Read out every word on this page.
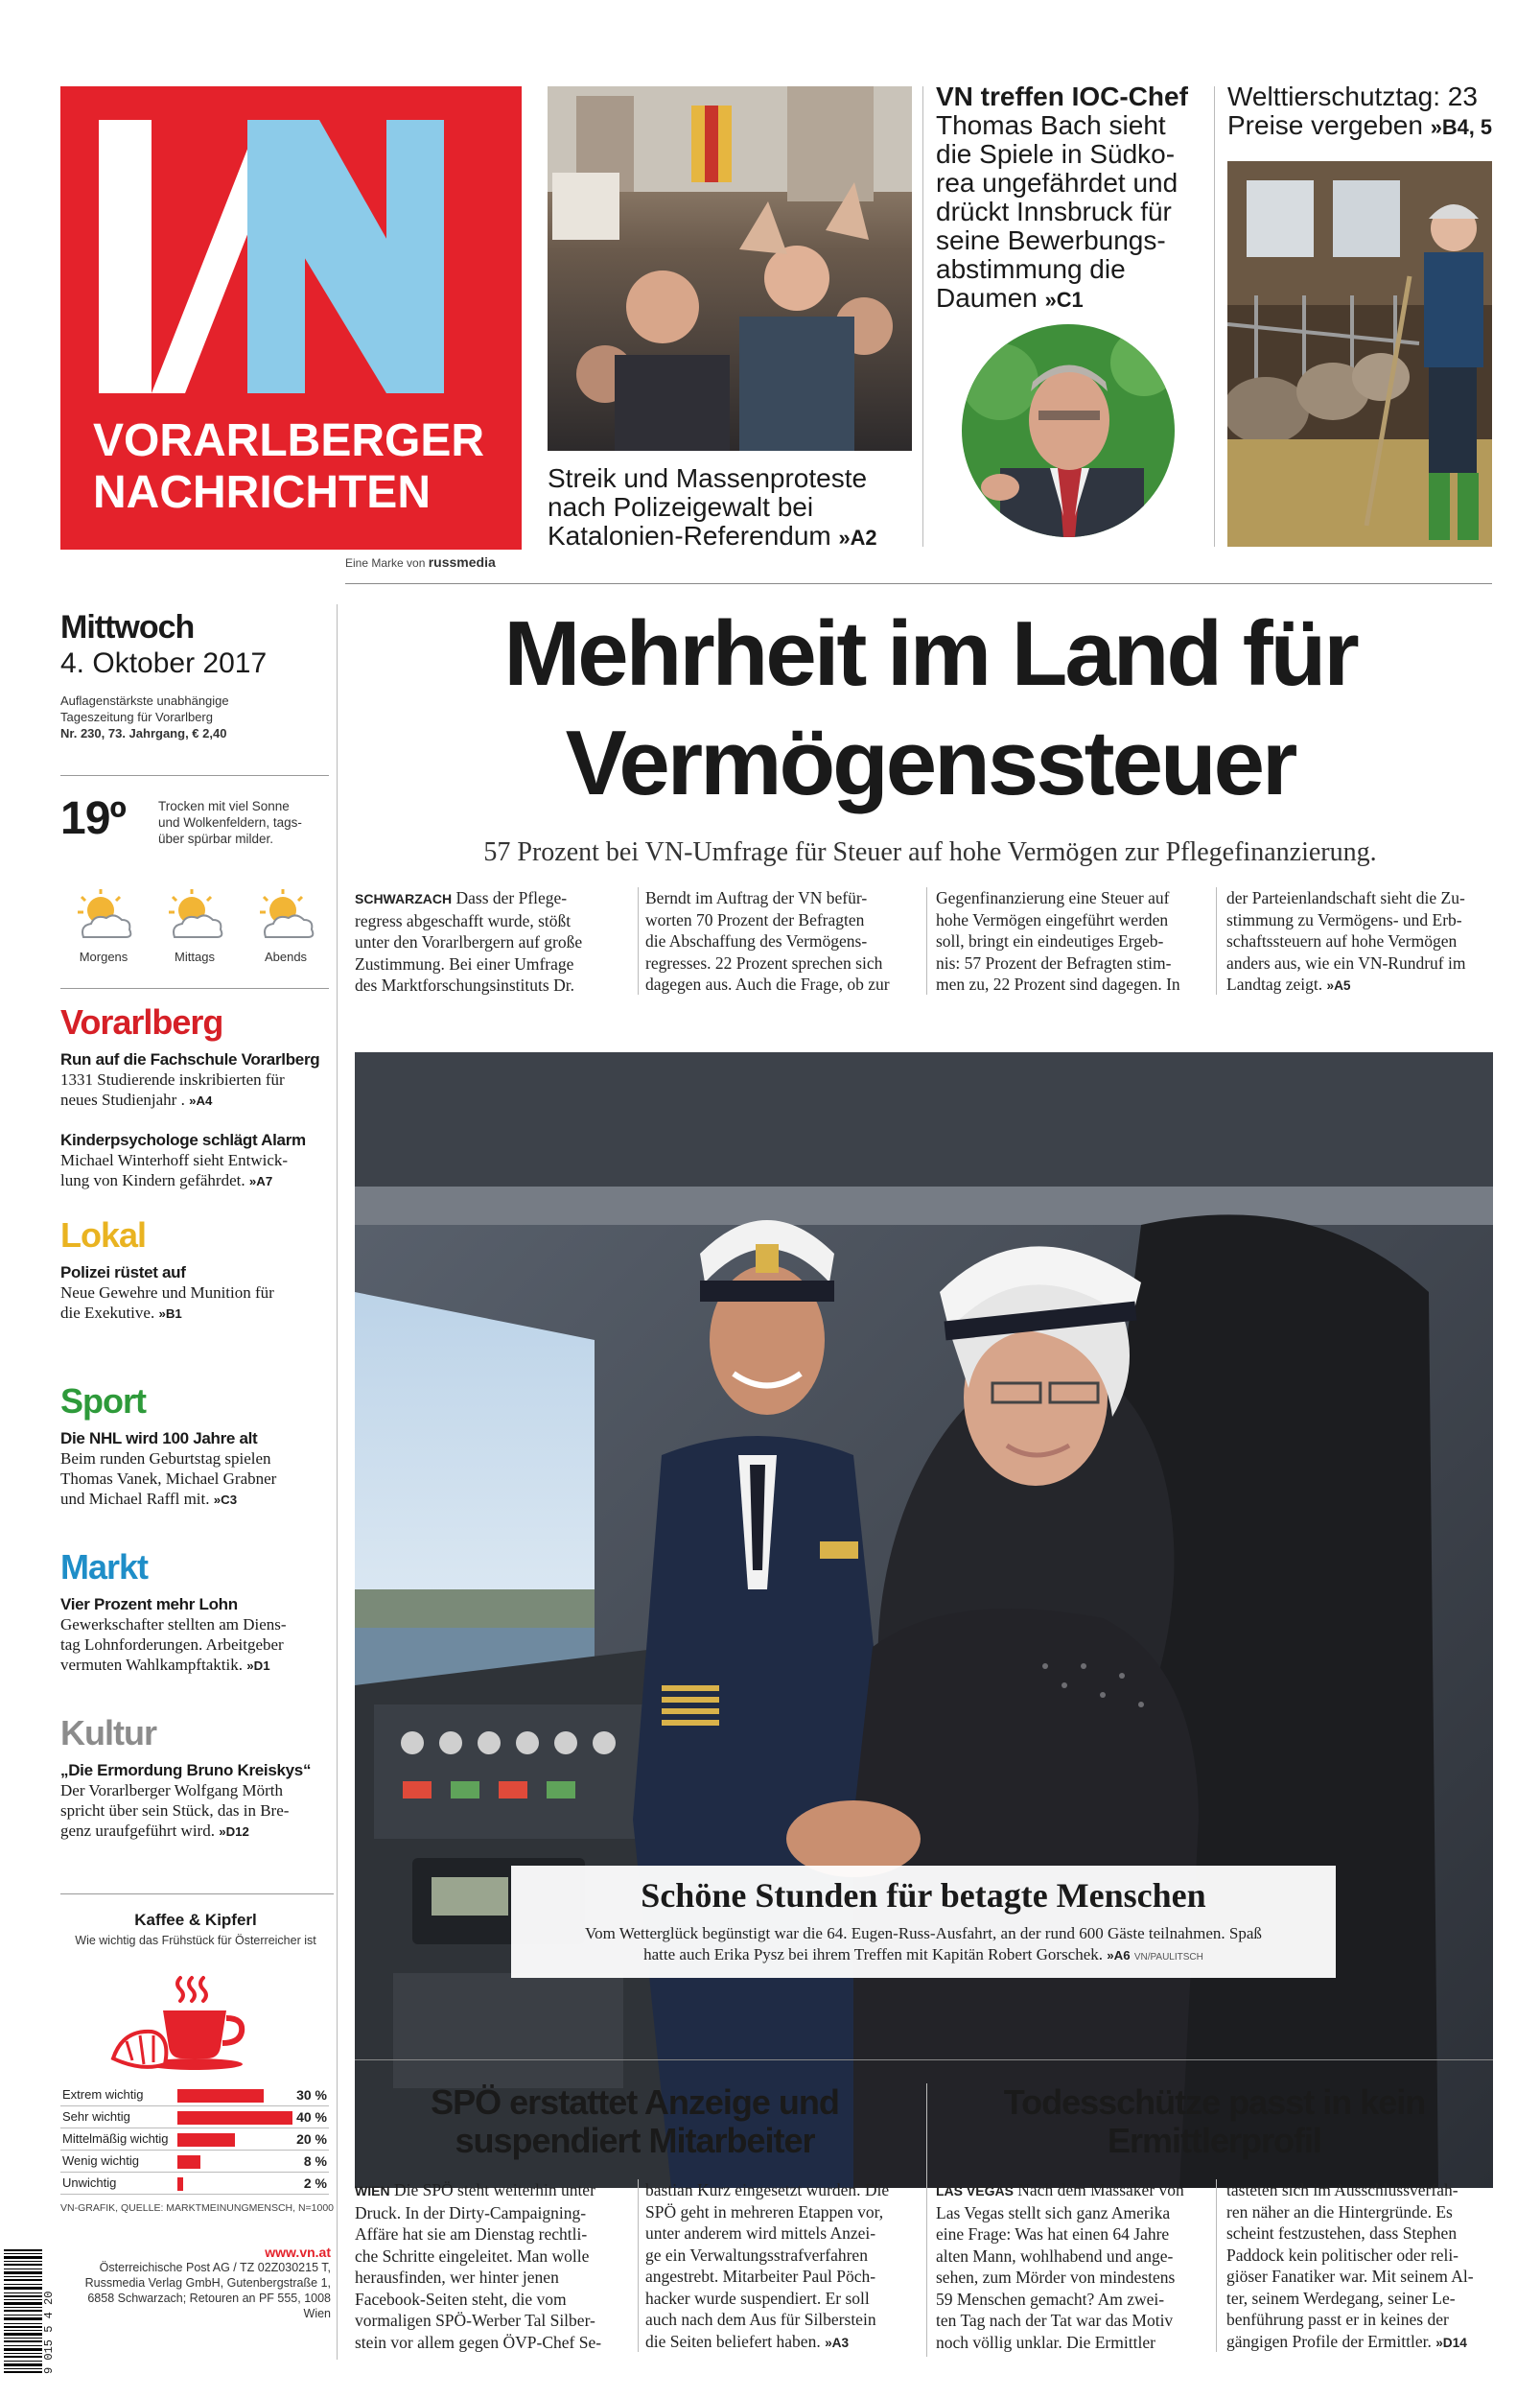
VORARLBERGER
NACHRICHTEN
Eine Marke von russmedia
Streik und Massenproteste
nach Polizeigewalt bei
Katalonien-Referendum »A2
VN treffen IOC-Chef
Thomas Bach sieht
die Spiele in Südko-
rea ungefährdet und
drückt Innsbruck für
seine Bewerbungs-
abstimmung die
Daumen »C1
Welttierschutztag: 23
Preise vergeben »B4, 5
Mittwoch
4. Oktober 2017
Auflagenstärkste unabhängige
Tageszeitung für Vorarlberg
Nr. 230, 73. Jahrgang, € 2,40
19º	Trocken mit viel Sonne
und Wolkenfeldern, tags-
über spürbar milder.
Morgens	Mittags	Abends
Vorarlberg
Run auf die Fachschule Vorarlberg
1331 Studierende inskribierten für
neues Studienjahr . »A4
Kinderpsychologe schlägt Alarm
Michael Winterhoff sieht Entwick-
lung von Kindern gefährdet. »A7
Lokal
Polizei rüstet auf
Neue Gewehre und Munition für
die Exekutive. »B1
Sport
Die NHL wird 100 Jahre alt
Beim runden Geburtstag spielen
Thomas Vanek, Michael Grabner
und Michael Raffl mit. »C3
Markt
Vier Prozent mehr Lohn
Gewerkschafter stellten am Diens-
tag Lohnforderungen. Arbeitgeber
vermuten Wahlkampftaktik. »D1
Kultur
„Die Ermordung Bruno Kreiskys“
Der Vorarlberger Wolfgang Mörth
spricht über sein Stück, das in Bre-
genz uraufgeführt wird. »D12
Kaffee & Kipferl
Wie wichtig das Frühstück für Österreicher ist
Extrem wichtig	30 %
Sehr wichtig	40 %
Mittelmäßig wichtig	20 %
Wenig wichtig	8 %
Unwichtig	2 %
VN-GRAFIK, QUELLE: MARKTMEINUNGMENSCH, N=1000
9 015 5 4 20
www.vn.at
Österreichische Post AG / TZ 02Z030215 T,
Russmedia Verlag GmbH, Gutenbergstraße 1,
6858 Schwarzach; Retouren an PF 555, 1008 Wien
Mehrheit im Land für
Vermögenssteuer
57 Prozent bei VN-Umfrage für Steuer auf hohe Vermögen zur Pflegefinanzierung.
SCHWARZACH Dass der Pflege-
regress abgeschafft wurde, stößt
unter den Vorarlbergern auf große
Zustimmung. Bei einer Umfrage
des Marktforschungsinstituts Dr.
Berndt im Auftrag der VN befür-
worten 70 Prozent der Befragten
die Abschaffung des Vermögens-
regresses. 22 Prozent sprechen sich
dagegen aus. Auch die Frage, ob zur
Gegenfinanzierung eine Steuer auf
hohe Vermögen eingeführt werden
soll, bringt ein eindeutiges Ergeb-
nis: 57 Prozent der Befragten stim-
men zu, 22 Prozent sind dagegen. In
der Parteienlandschaft sieht die Zu-
stimmung zu Vermögens- und Erb-
schaftssteuern auf hohe Vermögen
anders aus, wie ein VN-Rundruf im
Landtag zeigt. »A5
Schöne Stunden für betagte Menschen
Vom Wetterglück begünstigt war die 64. Eugen-Russ-Ausfahrt, an der rund 600 Gäste teilnahmen. Spaß
hatte auch Erika Pysz bei ihrem Treffen mit Kapitän Robert Gorschek. »A6 VN/PAULITSCH
SPÖ erstattet Anzeige und
suspendiert Mitarbeiter
WIEN Die SPÖ steht weiterhin unter
Druck. In der Dirty-Campaigning-
Affäre hat sie am Dienstag rechtli-
che Schritte eingeleitet. Man wolle
herausfinden, wer hinter jenen
Facebook-Seiten steht, die vom
vormaligen SPÖ-Werber Tal Silber-
stein vor allem gegen ÖVP-Chef Se-
bastian Kurz eingesetzt wurden. Die
SPÖ geht in mehreren Etappen vor,
unter anderem wird mittels Anzei-
ge ein Verwaltungsstrafverfahren
angestrebt. Mitarbeiter Paul Pöch-
hacker wurde suspendiert. Er soll
auch nach dem Aus für Silberstein
die Seiten beliefert haben. »A3
Todesschütze passt in kein
Ermittlerprofil
LAS VEGAS Nach dem Massaker von
Las Vegas stellt sich ganz Amerika
eine Frage: Was hat einen 64 Jahre
alten Mann, wohlhabend und ange-
sehen, zum Mörder von mindestens
59 Menschen gemacht? Am zwei-
ten Tag nach der Tat war das Motiv
noch völlig unklar. Die Ermittler
tasteten sich im Ausschlussverfah-
ren näher an die Hintergründe. Es
scheint festzustehen, dass Stephen
Paddock kein politischer oder reli-
giöser Fanatiker war. Mit seinem Al-
ter, seinem Werdegang, seiner Le-
benführung passt er in keines der
gängigen Profile der Ermittler. »D14
